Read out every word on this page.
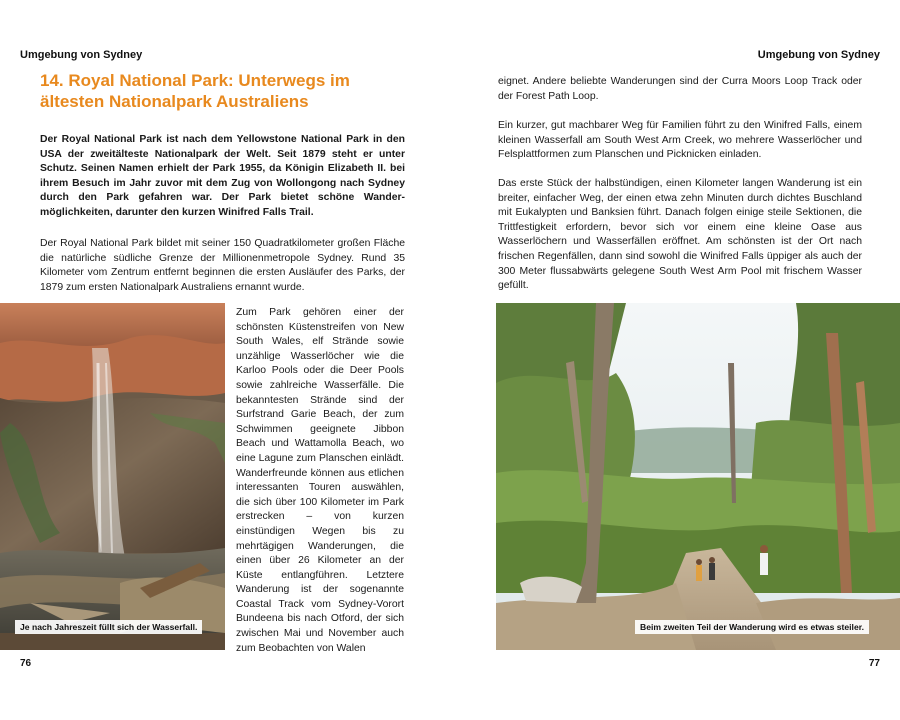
Umgebung von Sydney
14. Royal National Park: Unterwegs im ältesten Nationalpark Australiens

Der Royal National Park ist nach dem Yellowstone National Park in den USA der zweitälteste Nationalpark der Welt. Seit 1879 steht er unter Schutz. Seinen Namen erhielt der Park 1955, da Königin Elizabeth II. bei ihrem Besuch im Jahr zuvor mit dem Zug von Wollongong nach Sydney durch den Park gefahren war. Der Park bietet schöne Wandermöglichkeiten, darunter den kurzen Winifred Falls Trail.

Der Royal National Park bildet mit seiner 150 Quadratkilometer großen Fläche die natürliche südliche Grenze der Millionenmetropole Sydney. Rund 35 Kilometer vom Zentrum entfernt beginnen die ersten Ausläufer des Parks, der 1879 zum ersten Nationalpark Australiens ernannt wurde.

Je nach Jahreszeit füllt sich der Wasserfall.

Zum Park gehören einer der schönsten Küstenstreifen von New South Wales, elf Strände sowie unzählige Wasserlöcher wie die Karloo Pools oder die Deer Pools sowie zahlreiche Wasserfälle. Die bekanntesten Strände sind der Surfstrand Garie Beach, der zum Schwimmen geeignete Jibbon Beach und Wattamolla Beach, wo eine Lagune zum Planschen einlädt. Wanderfreunde können aus etlichen interessanten Touren auswählen, die sich über 100 Kilometer im Park erstrecken – von kurzen einstündigen Wegen bis zu mehrtägigen Wanderungen, die einen über 26 Kilometer an der Küste entlangführen. Letztere Wanderung ist der sogenannte Coastal Track vom Sydney-Vorort Bundeena bis nach Otford, der sich zwischen Mai und November auch zum Beobachten von Walen

76
Umgebung von Sydney

eignet. Andere beliebte Wanderungen sind der Curra Moors Loop Track oder der Forest Path Loop.

Ein kurzer, gut machbarer Weg für Familien führt zu den Winifred Falls, einem kleinen Wasserfall am South West Arm Creek, wo mehrere Wasserlöcher und Felsplattformen zum Planschen und Picknicken einladen.

Das erste Stück der halbstündigen, einen Kilometer langen Wanderung ist ein breiter, einfacher Weg, der einen etwa zehn Minuten durch dichtes Buschland mit Eukalypten und Banksien führt. Danach folgen einige steile Sektionen, die Trittfestigkeit erfordern, bevor sich vor einem eine kleine Oase aus Wasserlöchern und Wasserfällen eröffnet. Am schönsten ist der Ort nach frischen Regenfällen, dann sind sowohl die Winifred Falls üppiger als auch der 300 Meter flussabwärts gelegene South West Arm Pool mit frischem Wasser gefüllt.

Beim zweiten Teil der Wanderung wird es etwas steiler.
77
